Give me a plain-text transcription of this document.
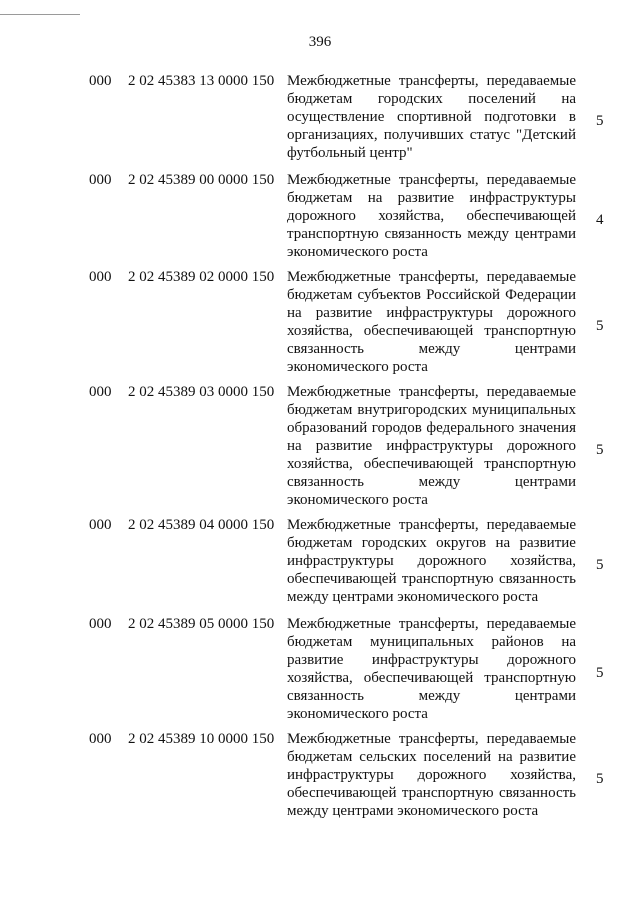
396
000 2 02 45383 13 0000 150 Межбюджетные трансферты, передаваемые
бюджетам городских поселений на
осуществление спортивной подготовки в
организациях, получивших статус "Детский
футбольный центр"
5
000 2 02 45389 00 0000 150 Межбюджетные трансферты, передаваемые
бюджетам на развитие инфраструктуры
дорожного хозяйства, обеспечивающей
транспортную связанность между центрами
экономического роста
4
000 2 02 45389 02 0000 150 Межбюджетные трансферты, передаваемые
бюджетам субъектов Российской Федерации
на развитие инфраструктуры дорожного
хозяйства, обеспечивающей транспортную
связанность	между	центрами
экономического роста
5
000 2 02 45389 03 0000 150 Межбюджетные трансферты, передаваемые
бюджетам внутригородских муниципальных
образований городов федерального значения
на развитие инфраструктуры дорожного
хозяйства, обеспечивающей транспортную
связанность	между	центрами
экономического роста
5
000 2 02 45389 04 0000 150 Межбюджетные трансферты, передаваемые
бюджетам городских округов на развитие
инфраструктуры дорожного хозяйства,
обеспечивающей транспортную связанность
между центрами экономического роста
5
000 2 02 45389 05 0000 150 Межбюджетные трансферты, передаваемые
бюджетам муниципальных районов на
развитие инфраструктуры дорожного
хозяйства, обеспечивающей транспортную
связанность	между	центрами
экономического роста
5
000 2 02 45389 10 0000 150 Межбюджетные трансферты, передаваемые
бюджетам сельских поселений на развитие
инфраструктуры дорожного хозяйства,
обеспечивающей транспортную связанность
между центрами экономического роста
5
